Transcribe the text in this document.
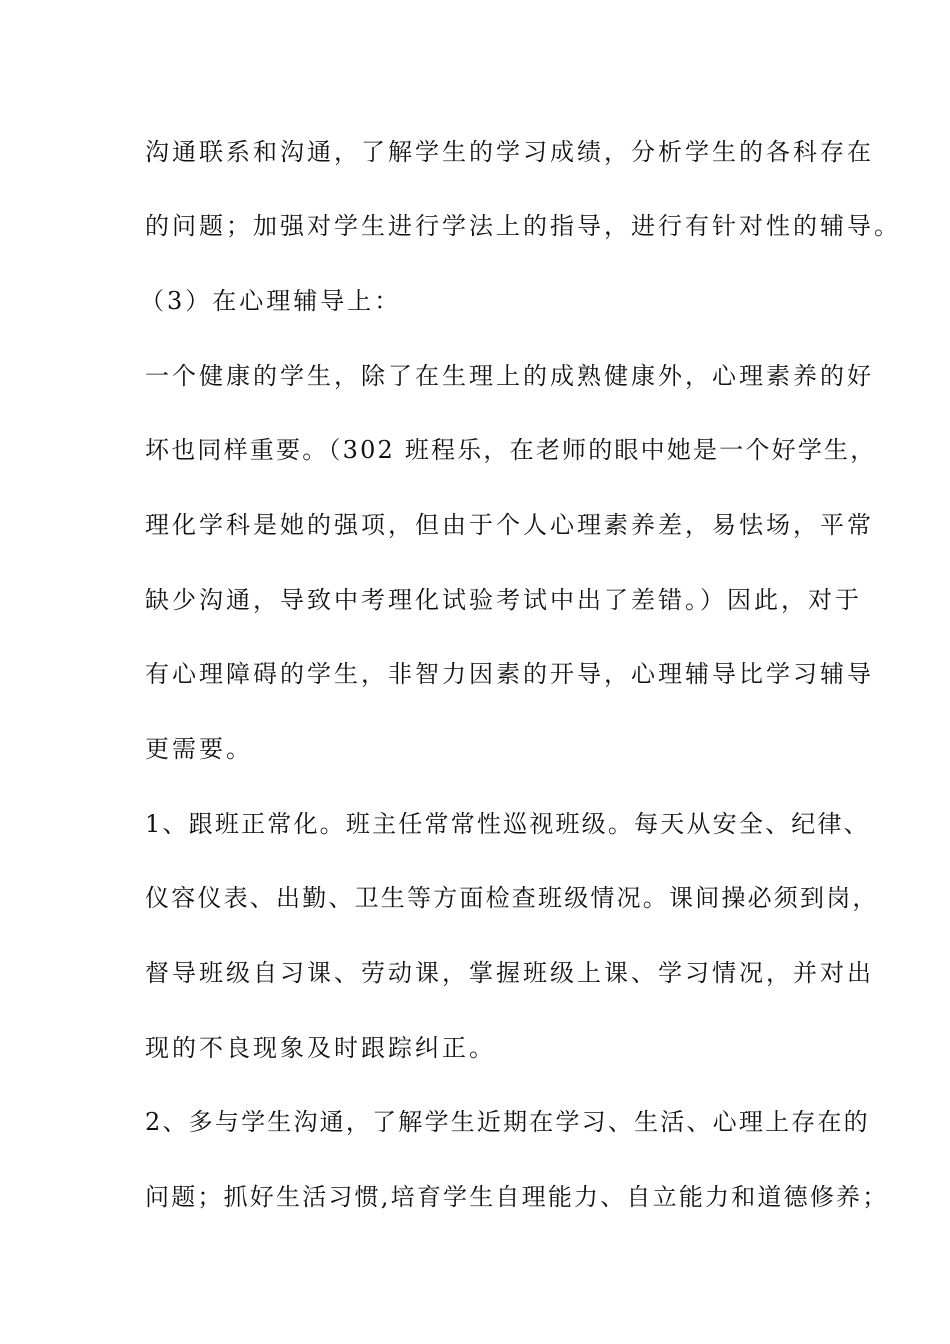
沟通联系和沟通，了解学生的学习成绩，分析学生的各科存在
的问题；加强对学生进行学法上的指导，进行有针对性的辅导。
（3）在心理辅导上：
一个健康的学生，除了在生理上的成熟健康外，心理素养的好
坏也同样重要。（302 班程乐，在老师的眼中她是一个好学生，
理化学科是她的强项，但由于个人心理素养差，易怯场，平常
缺少沟通，导致中考理化试验考试中出了差错。）因此，对于
有心理障碍的学生，非智力因素的开导，心理辅导比学习辅导
更需要。
1、跟班正常化。班主任常常性巡视班级。每天从安全、纪律、
仪容仪表、出勤、卫生等方面检查班级情况。课间操必须到岗，
督导班级自习课、劳动课，掌握班级上课、学习情况，并对出
现的不良现象及时跟踪纠正。
2、多与学生沟通，了解学生近期在学习、生活、心理上存在的
问题；抓好生活习惯,培育学生自理能力、自立能力和道德修养；
